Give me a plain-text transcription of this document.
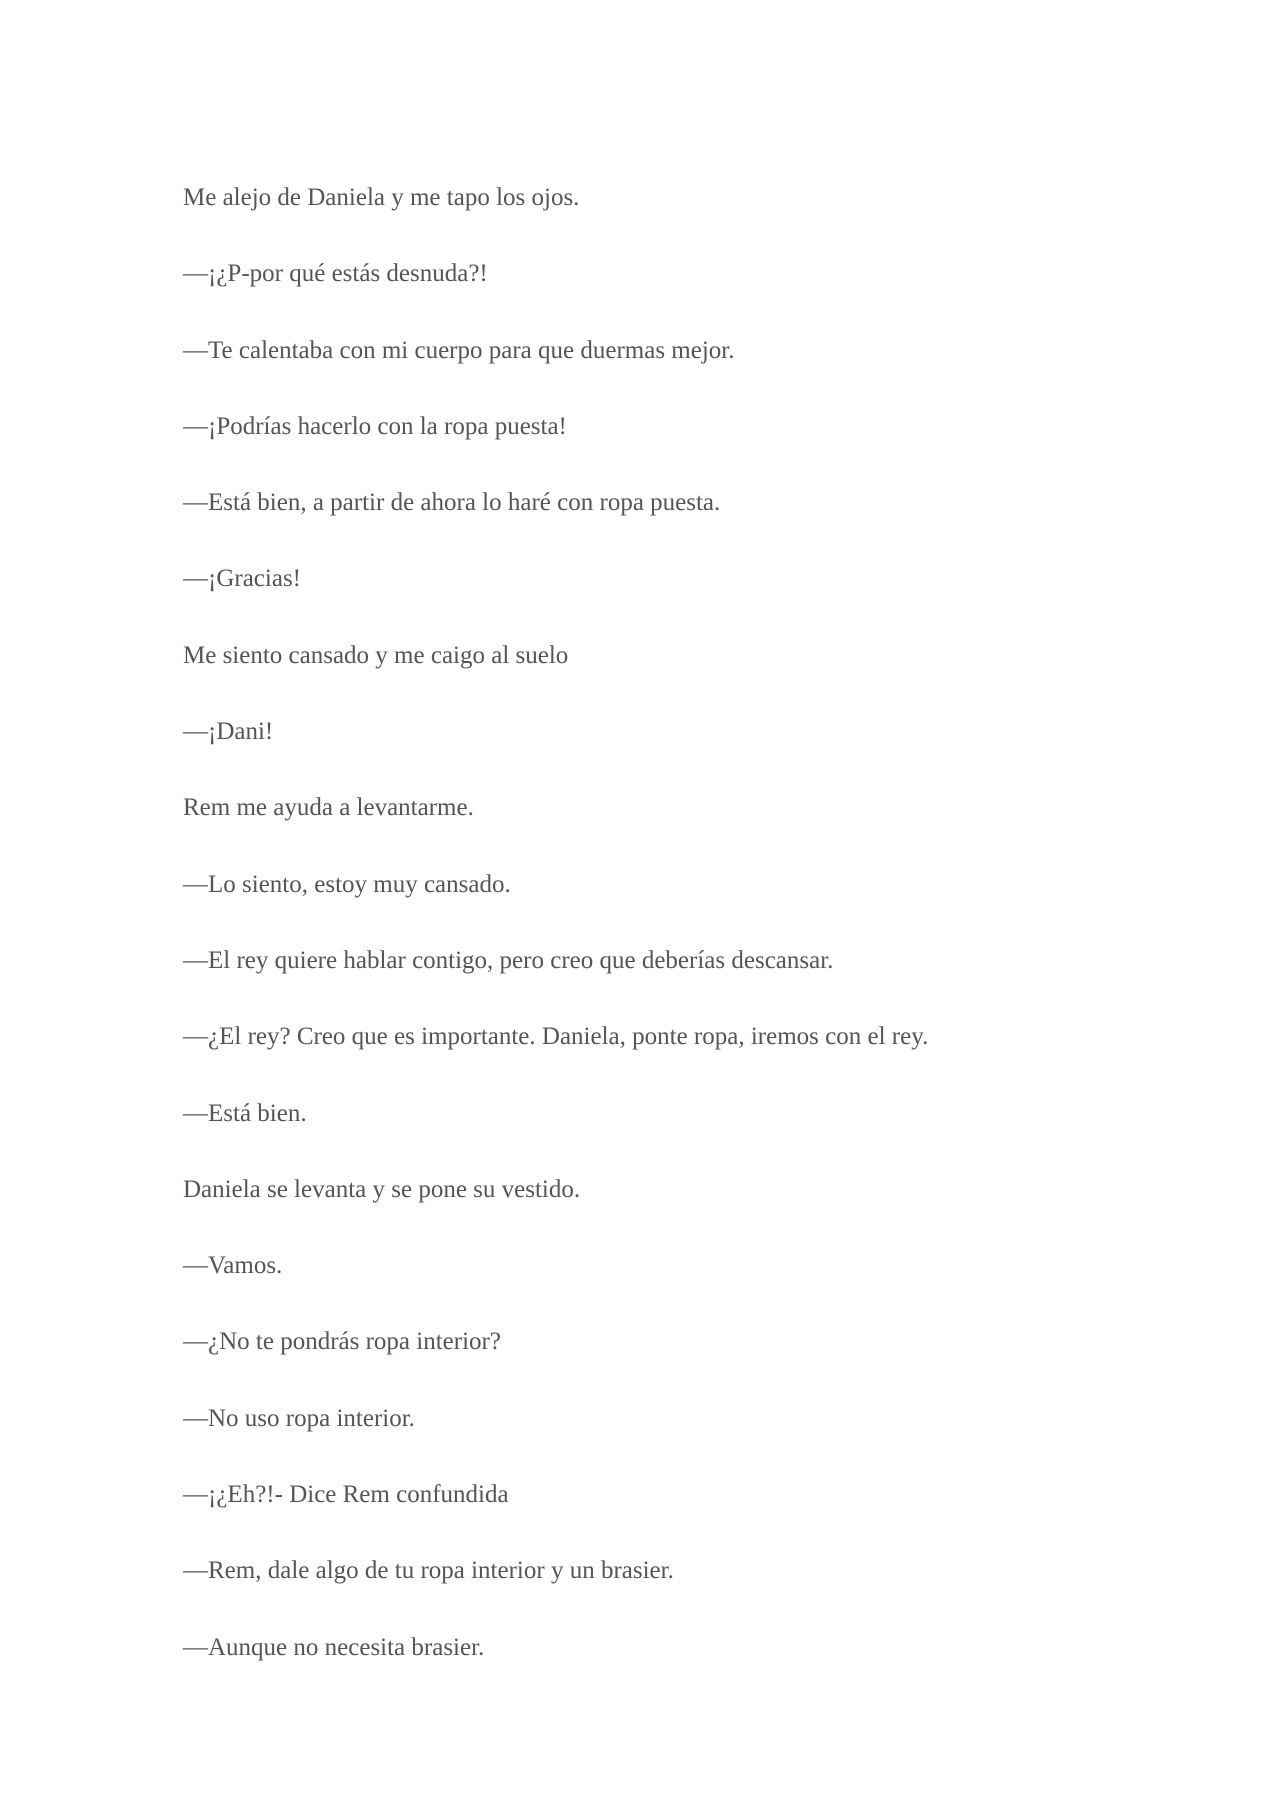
Me alejo de Daniela y me tapo los ojos.

—¡¿P-por qué estás desnuda?!

—Te calentaba con mi cuerpo para que duermas mejor.

—¡Podrías hacerlo con la ropa puesta!

—Está bien, a partir de ahora lo haré con ropa puesta.

—¡Gracias!

Me siento cansado y me caigo al suelo

—¡Dani!

Rem me ayuda a levantarme.

—Lo siento, estoy muy cansado.

—El rey quiere hablar contigo, pero creo que deberías descansar.

—¿El rey? Creo que es importante. Daniela, ponte ropa, iremos con el rey.

—Está bien.

Daniela se levanta y se pone su vestido.

—Vamos.

—¿No te pondrás ropa interior?

—No uso ropa interior.

—¡¿Eh?!- Dice Rem confundida

—Rem, dale algo de tu ropa interior y un brasier.

—Aunque no necesita brasier.
